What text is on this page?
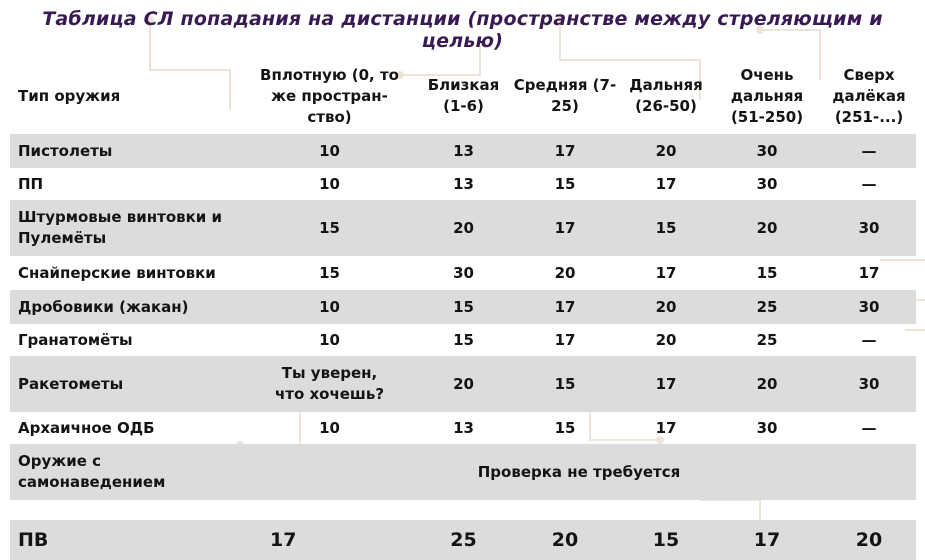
Таблица СЛ попадания на дистанции (пространстве между стреляющим и целью)
Тип оружия	Вплотную (0, то же простран-ство)	Близкая (1-6)	Средняя (7-25)	Дальняя (26-50)	Очень дальняя (51-250)	Сверх далёкая (251-...)
Пистолеты	10	13	17	20	30	—
ПП	10	13	15	17	30	—
Штурмовые винтовки и Пулемёты	15	20	17	15	20	30
Снайперские винтовки	15	30	20	17	15	17
Дробовики (жакан)	10	15	17	20	25	30
Гранатомёты	10	15	17	20	25	—
Ракетометы	Ты уверен, что хочешь?	20	15	17	20	30
Архаичное ОДБ	10	13	15	17	30	—
Оружие с самонаведением	Проверка не требуется					
ПВ	17	25	20	15	17	20
